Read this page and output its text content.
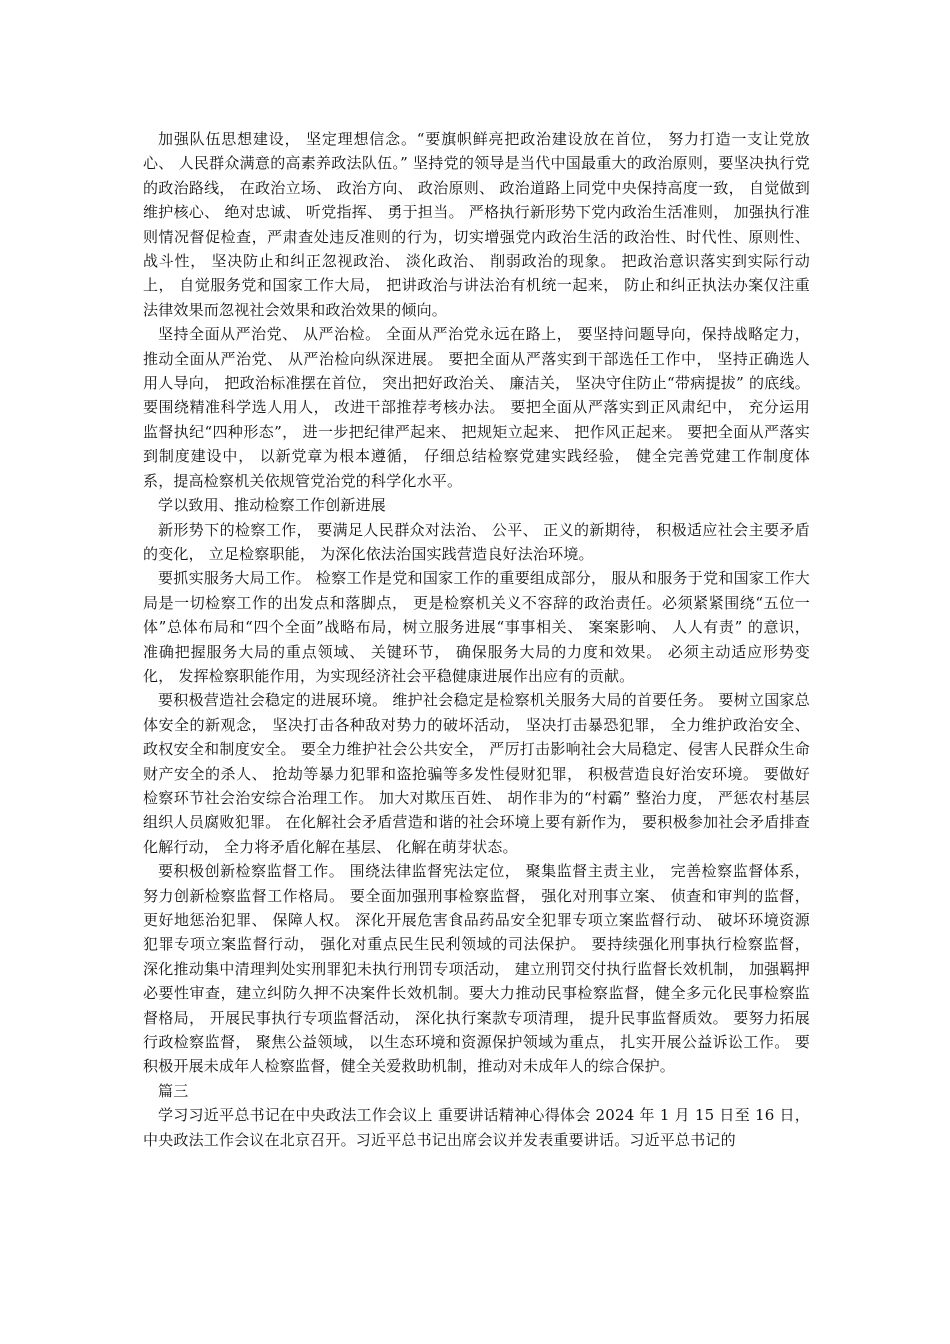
加强队伍思想建设， 坚定理想信念。“要旗帜鲜亮把政治建设放在首位， 努力打造一支让党放心、 人民群众满意的高素养政法队伍。” 坚持党的领导是当代中国最重大的政治原则，要坚决执行党的政治路线， 在政治立场、 政治方向、 政治原则、 政治道路上同党中央保持高度一致， 自觉做到维护核心、 绝对忠诚、 听党指挥、 勇于担当。 严格执行新形势下党内政治生活准则， 加强执行准则情况督促检查，严肃查处违反准则的行为，切实增强党内政治生活的政治性、时代性、原则性、 战斗性， 坚决防止和纠正忽视政治、 淡化政治、 削弱政治的现象。 把政治意识落实到实际行动上， 自觉服务党和国家工作大局， 把讲政治与讲法治有机统一起来， 防止和纠正执法办案仅注重法律效果而忽视社会效果和政治效果的倾向。

坚持全面从严治党、 从严治检。 全面从严治党永远在路上， 要坚持问题导向，保持战略定力， 推动全面从严治党、 从严治检向纵深进展。 要把全面从严落实到干部选任工作中， 坚持正确选人用人导向， 把政治标准摆在首位， 突出把好政治关、 廉洁关， 坚决守住防止“带病提拔” 的底线。 要围绕精准科学选人用人， 改进干部推荐考核办法。 要把全面从严落实到正风肃纪中， 充分运用监督执纪“四种形态”， 进一步把纪律严起来、 把规矩立起来、 把作风正起来。 要把全面从严落实到制度建设中， 以新党章为根本遵循， 仔细总结检察党建实践经验， 健全完善党建工作制度体系，提高检察机关依规管党治党的科学化水平。

学以致用、推动检察工作创新进展

新形势下的检察工作， 要满足人民群众对法治、 公平、 正义的新期待， 积极适应社会主要矛盾的变化， 立足检察职能， 为深化依法治国实践营造良好法治环境。

要抓实服务大局工作。 检察工作是党和国家工作的重要组成部分， 服从和服务于党和国家工作大局是一切检察工作的出发点和落脚点， 更是检察机关义不容辞的政治责任。必须紧紧围绕“五位一体”总体布局和“四个全面”战略布局，树立服务进展“事事相关、 案案影响、 人人有责” 的意识， 准确把握服务大局的重点领域、 关键环节， 确保服务大局的力度和效果。 必须主动适应形势变化， 发挥检察职能作用，为实现经济社会平稳健康进展作出应有的贡献。

要积极营造社会稳定的进展环境。 维护社会稳定是检察机关服务大局的首要任务。 要树立国家总体安全的新观念， 坚决打击各种敌对势力的破坏活动， 坚决打击暴恐犯罪， 全力维护政治安全、 政权安全和制度安全。 要全力维护社会公共安全， 严厉打击影响社会大局稳定、侵害人民群众生命财产安全的杀人、 抢劫等暴力犯罪和盗抢骗等多发性侵财犯罪， 积极营造良好治安环境。 要做好检察环节社会治安综合治理工作。 加大对欺压百姓、 胡作非为的“村霸” 整治力度， 严惩农村基层组织人员腐败犯罪。 在化解社会矛盾营造和谐的社会环境上要有新作为， 要积极参加社会矛盾排查化解行动， 全力将矛盾化解在基层、 化解在萌芽状态。

要积极创新检察监督工作。 围绕法律监督宪法定位， 聚集监督主责主业， 完善检察监督体系， 努力创新检察监督工作格局。 要全面加强刑事检察监督， 强化对刑事立案、 侦查和审判的监督， 更好地惩治犯罪、 保障人权。 深化开展危害食品药品安全犯罪专项立案监督行动、 破坏环境资源犯罪专项立案监督行动， 强化对重点民生民利领域的司法保护。 要持续强化刑事执行检察监督， 深化推动集中清理判处实刑罪犯未执行刑罚专项活动， 建立刑罚交付执行监督长效机制， 加强羁押必要性审查，建立纠防久押不决案件长效机制。要大力推动民事检察监督，健全多元化民事检察监督格局， 开展民事执行专项监督活动， 深化执行案款专项清理， 提升民事监督质效。 要努力拓展行政检察监督， 聚焦公益领域， 以生态环境和资源保护领域为重点， 扎实开展公益诉讼工作。 要积极开展未成年人检察监督，健全关爱救助机制，推动对未成年人的综合保护。

篇三

学习习近平总书记在中央政法工作会议上 重要讲话精神心得体会 2024 年 1 月 15 日至 16 日，中央政法工作会议在北京召开。习近平总书记出席会议并发表重要讲话。习近平总书记的
